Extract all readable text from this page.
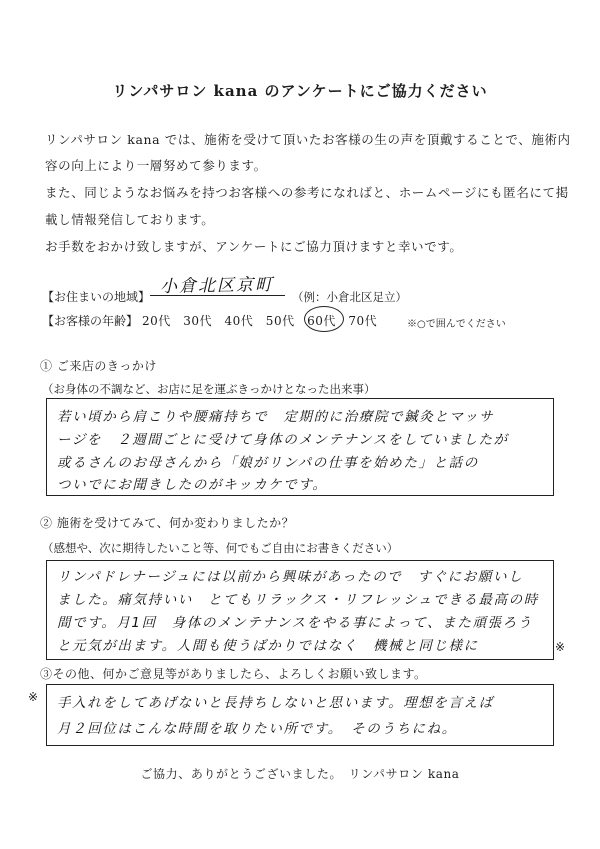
リンパサロン kana のアンケートにご協力ください
リンパサロン kana では、施術を受けて頂いたお客様の生の声を頂戴することで、施術内
容の向上により一層努めて参ります。
また、同じようなお悩みを持つお客様への参考になればと、ホームページにも匿名にて掲
載し情報発信しております。
お手数をおかけ致しますが、アンケートにご協力頂けますと幸いです。
【お住まいの地域】
小倉北区京町
（例：小倉北区足立）
【お客様の年齢】 20代　30代　40代　50代　60代　70代	※○で囲んでください
① ご来店のきっかけ
（お身体の不調など、お店に足を運ぶきっかけとなった出来事）
若い頃から肩こりや腰痛持ちで　定期的に治療院で鍼灸とマッサ
ージを　２週間ごとに受けて身体のメンテナンスをしていましたが
或るさんのお母さんから「娘がリンパの仕事を始めた」と話の
ついでにお聞きしたのがキッカケです。
② 施術を受けてみて、何か変わりましたか？
（感想や、次に期待したいこと等、何でもご自由にお書きください）
リンパドレナージュには以前から興味があったので　すぐにお願いし
ました。痛気持いい　とてもリラックス・リフレッシュできる最高の時
間です。月1回　身体のメンテナンスをやる事によって、また頑張ろう
と元気が出ます。人間も使うばかりではなく　機械と同じ様に	※
③その他、何かご意見等がありましたら、よろしくお願い致します。
※ 手入れをしてあげないと長持ちしないと思います。理想を言えば
月２回位はこんな時間を取りたい所です。　そのうちにね。
ご協力、ありがとうございました。　リンパサロン kana
